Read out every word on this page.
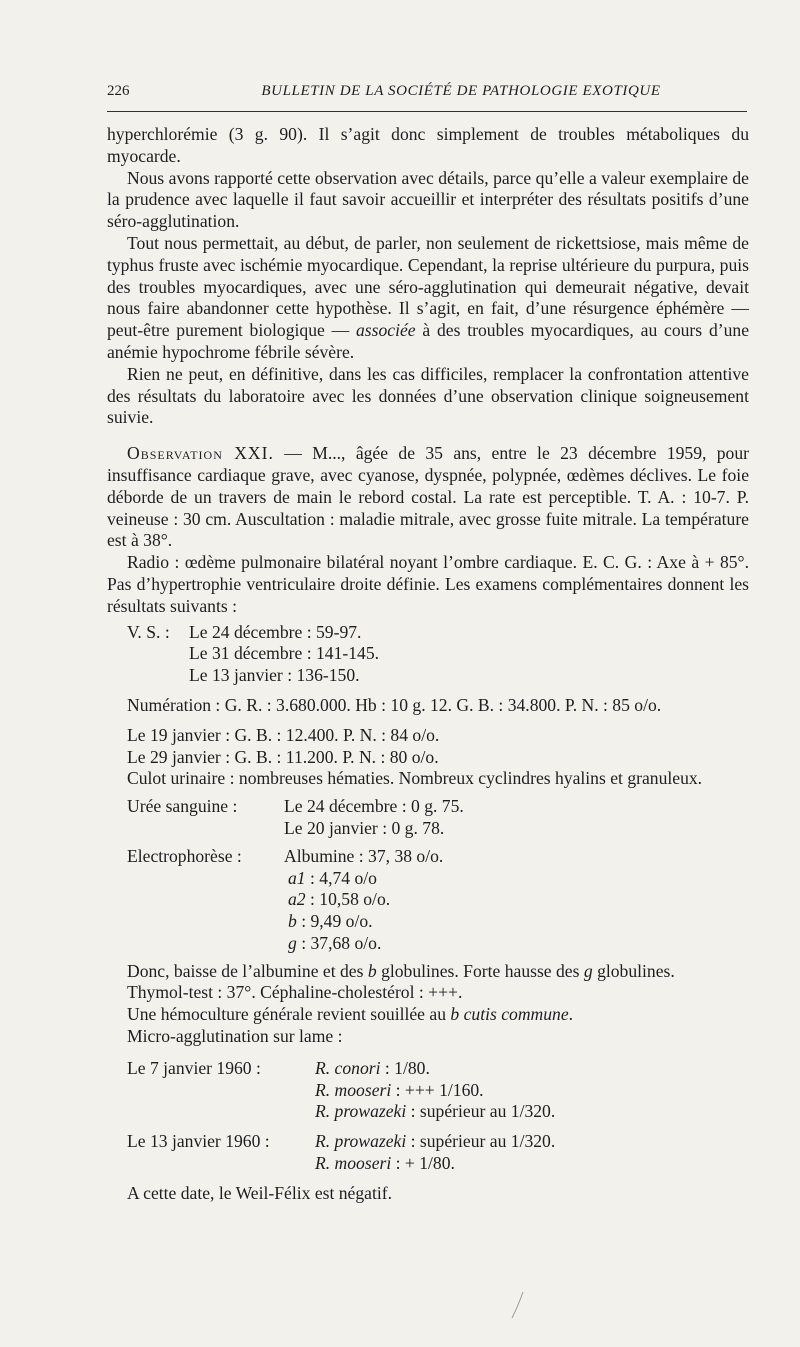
226	BULLETIN DE LA SOCIÉTÉ DE PATHOLOGIE EXOTIQUE

hyperchlorémie (3 g. 90). Il s’agit donc simplement de troubles métaboliques du myocarde.

Nous avons rapporté cette observation avec détails, parce qu’elle a valeur exemplaire de la prudence avec laquelle il faut savoir accueillir et interpréter des résultats positifs d’une séro-agglutination.

Tout nous permettait, au début, de parler, non seulement de rickettsiose, mais même de typhus fruste avec ischémie myocardique. Cependant, la reprise ultérieure du purpura, puis des troubles myocardiques, avec une séro-agglutination qui demeurait négative, devait nous faire abandonner cette hypothèse. Il s’agit, en fait, d’une résurgence éphémère — peut-être purement biologique — associée à des troubles myocardiques, au cours d’une anémie hypochrome fébrile sévère.

Rien ne peut, en définitive, dans les cas difficiles, remplacer la confrontation attentive des résultats du laboratoire avec les données d’une observation clinique soigneusement suivie.

Observation XXI. — M..., âgée de 35 ans, entre le 23 décembre 1959, pour insuffisance cardiaque grave, avec cyanose, dyspnée, polypnée, œdèmes déclives. Le foie déborde de un travers de main le rebord costal. La rate est perceptible. T. A. : 10-7. P. veineuse : 30 cm. Auscultation : maladie mitrale, avec grosse fuite mitrale. La température est à 38°.

Radio : œdème pulmonaire bilatéral noyant l’ombre cardiaque. E. C. G. : Axe à + 85°. Pas d’hypertrophie ventriculaire droite définie. Les examens complémentaires donnent les résultats suivants :

V. S. :	Le 24 décembre : 59-97.
Le 31 décembre : 141-145.
Le 13 janvier : 136-150.
Numération : G. R. : 3.680.000. Hb : 10 g. 12. G. B. : 34.800. P. N. : 85 o/o.
Le 19 janvier : G. B. : 12.400. P. N. : 84 o/o.
Le 29 janvier : G. B. : 11.200. P. N. : 80 o/o.

Culot urinaire : nombreuses hématies. Nombreux cyclindres hyalins et granuleux.

Urée sanguine :	Le 24 décembre : 0 g. 75.
Le 20 janvier : 0 g. 78.
Electrophorèse :	Albumine : 37, 38 o/o.
a1 : 4,74 o/o
a2 : 10,58 o/o.
b : 9,49 o/o.
g : 37,68 o/o.

Donc, baisse de l’albumine et des b globulines. Forte hausse des g globulines.

Thymol-test : 37°. Céphaline-cholestérol : +++.
Une hémoculture générale revient souillée au b cutis commune.
Micro-agglutination sur lame :
Le 7 janvier 1960 :	R. conori : 1/80.
R. mooseri : +++ 1/160.
R. prowazeki : supérieur au 1/320.
Le 13 janvier 1960 :	R. prowazeki : supérieur au 1/320.
R. mooseri : + 1/80.
A cette date, le Weil-Félix est négatif.
